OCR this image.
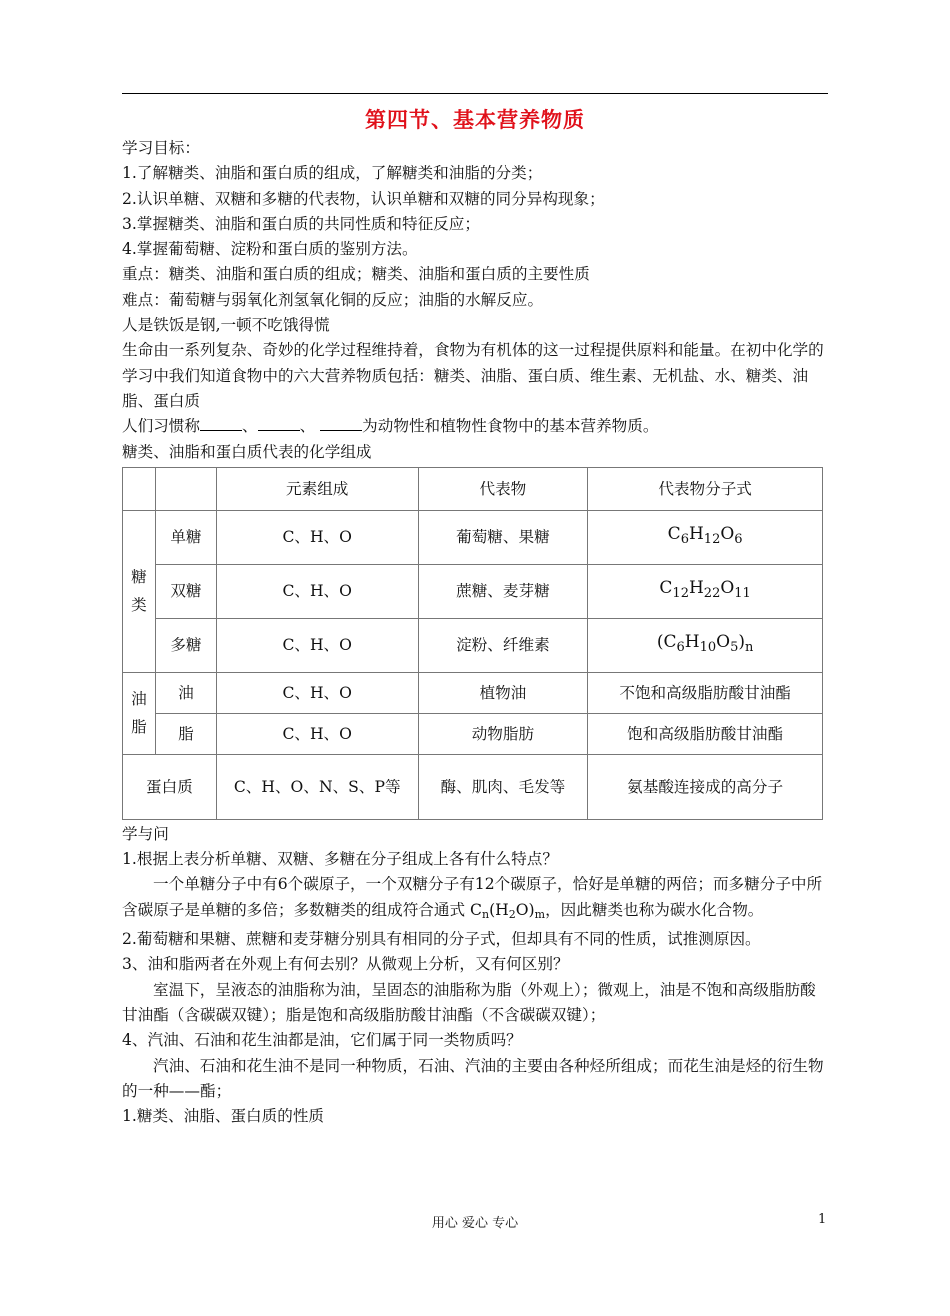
第四节、基本营养物质

学习目标：

1.了解糖类、油脂和蛋白质的组成，了解糖类和油脂的分类；

2.认识单糖、双糖和多糖的代表物，认识单糖和双糖的同分异构现象；

3.掌握糖类、油脂和蛋白质的共同性质和特征反应；

4.掌握葡萄糖、淀粉和蛋白质的鉴别方法。

重点：糖类、油脂和蛋白质的组成；糖类、油脂和蛋白质的主要性质

难点：葡萄糖与弱氧化剂氢氧化铜的反应；油脂的水解反应。

人是铁饭是钢,一顿不吃饿得慌

生命由一系列复杂、奇妙的化学过程维持着，食物为有机体的这一过程提供原料和能量。在初中化学的学习中我们知道食物中的六大营养物质包括：糖类、油脂、蛋白质、维生素、无机盐、水、糖类、油脂、蛋白质

人们习惯称	、	、	为动物性和植物性食物中的基本营养物质。

糖类、油脂和蛋白质代表的化学组成

		元素组成	代表物	代表物分子式

糖类	单糖	C、H、O	葡萄糖、果糖	$C_6H_{12}O_6$
	双糖	C、H、O	蔗糖、麦芽糖	$C_{12}H_{22}O_{11}$
	多糖	C、H、O	淀粉、纤维素	$(C_6H_{10}O_5)_n$

油脂	油	C、H、O	植物油	不饱和高级脂肪酸甘油酯
	脂	C、H、O	动物脂肪	饱和高级脂肪酸甘油酯
蛋白质		C、H、O、N、S、P等	酶、肌肉、毛发等	氨基酸连接成的高分子

学与问

1.根据上表分析单糖、双糖、多糖在分子组成上各有什么特点？

一个单糖分子中有6个碳原子，一个双糖分子有12个碳原子，恰好是单糖的两倍；而多糖分子中所含碳原子是单糖的多倍；多数糖类的组成符合通式 $C_n(H_2O)_m$，因此糖类也称为碳水化合物。

2.葡萄糖和果糖、蔗糖和麦芽糖分别具有相同的分子式，但却具有不同的性质，试推测原因。

3、油和脂两者在外观上有何去别？从微观上分析，又有何区别？

室温下，呈液态的油脂称为油，呈固态的油脂称为脂（外观上）；微观上，油是不饱和高级脂肪酸甘油酯（含碳碳双键）；脂是饱和高级脂肪酸甘油酯（不含碳碳双键）；

4、汽油、石油和花生油都是油，它们属于同一类物质吗？

汽油、石油和花生油不是同一种物质，石油、汽油的主要由各种烃所组成；而花生油是烃的衍生物的一种——酯；

1.糖类、油脂、蛋白质的性质

用心 爱心 专心	1
